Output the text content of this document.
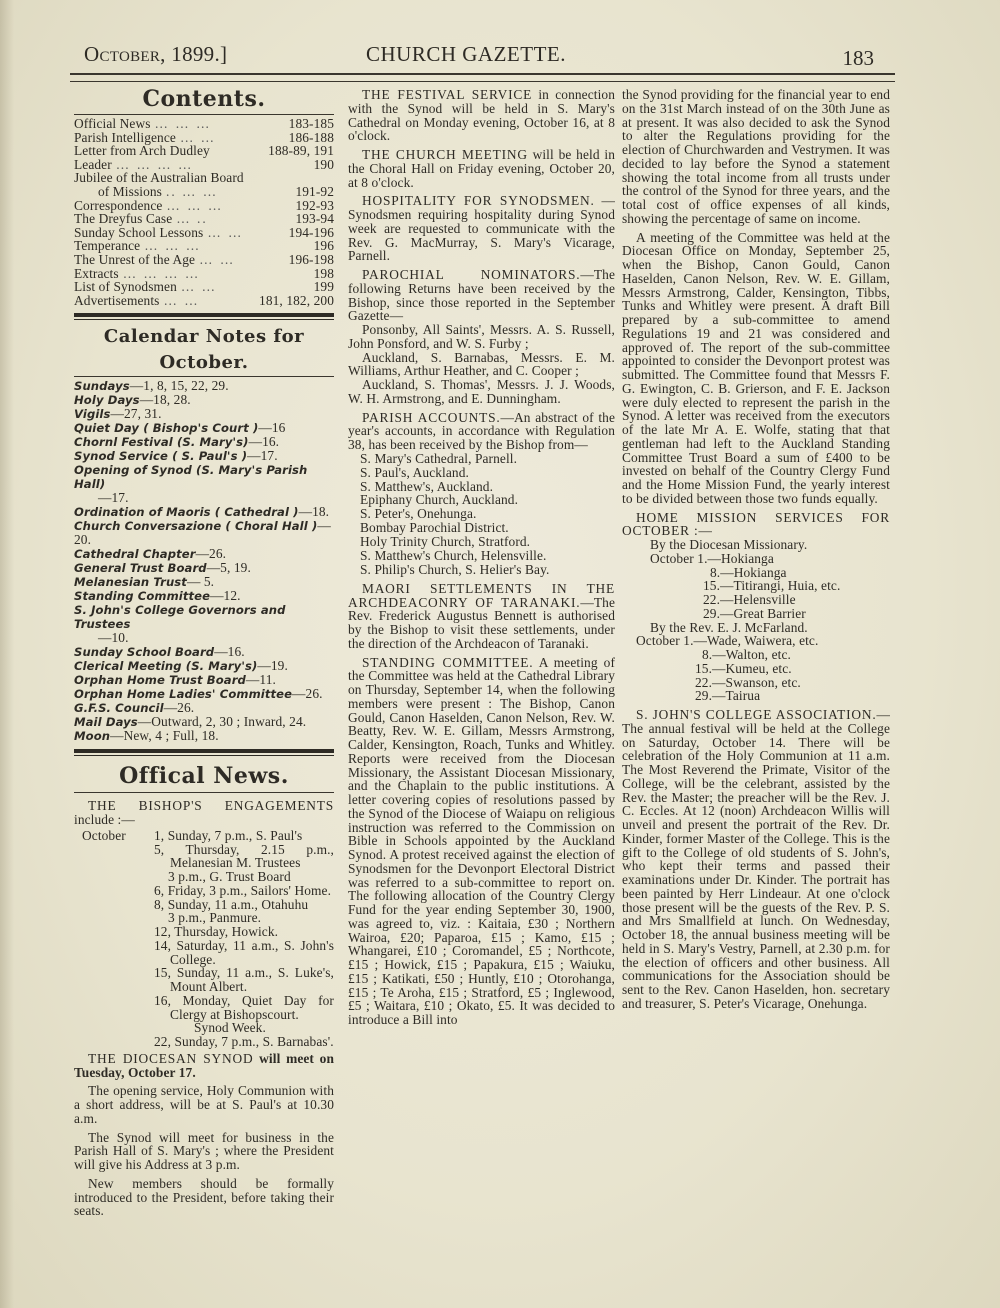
October, 1899.]	CHURCH GAZETTE.	183
Contents.
Official News … … …	183-185
Parish Intelligence … …	186-188
Letter from Arch Dudley	188-89, 191
Leader … … … …	190
Jubilee of the Australian Board
of Missions .. … …	191-92
Correspondence … … …	192-93
The Dreyfus Case … ..	193-94
Sunday School Lessons … …	194-196
Temperance … … …	196
The Unrest of the Age … …	196-198
Extracts … … … …	198
List of Synodsmen … …	199
Advertisements … …	181, 182, 200
Calendar Notes for October.
Sundays—1, 8, 15, 22, 29.
Holy Days—18, 28.
Vigils—27, 31.
Quiet Day ( Bishop's Court )—16
Chornl Festival (S. Mary's)—16.
Synod Service ( S. Paul's )—17.
Opening of Synod (S. Mary's Parish Hall)
—17.
Ordination of Maoris ( Cathedral )—18.
Church Conversazione ( Choral Hall )—20.
Cathedral Chapter—26.
General Trust Board—5, 19.
Melanesian Trust— 5.
Standing Committee—12.
S. John's College Governors and Trustees
—10.
Sunday School Board—16.
Clerical Meeting (S. Mary's)—19.
Orphan Home Trust Board—11.
Orphan Home Ladies' Committee—26.
G.F.S. Council—26.
Mail Days—Outward, 2, 30 ; Inward, 24.
Moon—New, 4 ; Full, 18.
Offical News.

THE BISHOP'S ENGAGEMENTS include :—

October	1, Sunday, 7 p.m., S. Paul's
5, Thursday, 2.15 p.m., Melanesian M. Trustees
3 p.m., G. Trust Board
6, Friday, 3 p.m., Sailors' Home.
8, Sunday, 11 a.m., Otahuhu
3 p.m., Panmure.
12, Thursday, Howick.
14, Saturday, 11 a.m., S. John's College.
15, Sunday, 11 a.m., S. Luke's, Mount Albert.
16, Monday, Quiet Day for Clergy at Bishopscourt.
Synod Week.
22, Sunday, 7 p.m., S. Barnabas'.

THE DIOCESAN SYNOD will meet on Tuesday, October 17.

The opening service, Holy Communion with a short address, will be at S. Paul's at 10.30 a.m.

The Synod will meet for business in the Parish Hall of S. Mary's ; where the President will give his Address at 3 p.m.

New members should be formally introduced to the President, before taking their seats.

THE FESTIVAL SERVICE in connection with the Synod will be held in S. Mary's Cathedral on Monday evening, October 16, at 8 o'clock.

THE CHURCH MEETING will be held in the Choral Hall on Friday evening, October 20, at 8 o'clock.

HOSPITALITY FOR SYNODSMEN. —Synodsmen requiring hospitality during Synod week are requested to communicate with the Rev. G. MacMurray, S. Mary's Vicarage, Parnell.

PAROCHIAL NOMINATORS.—The following Returns have been received by the Bishop, since those reported in the September Gazette—

Ponsonby, All Saints', Messrs. A. S. Russell, John Ponsford, and W. S. Furby ;

Auckland, S. Barnabas, Messrs. E. M. Williams, Arthur Heather, and C. Cooper ;

Auckland, S. Thomas', Messrs. J. J. Woods, W. H. Armstrong, and E. Dunningham.

PARISH ACCOUNTS.—An abstract of the year's accounts, in accordance with Regulation 38, has been received by the Bishop from—

S. Mary's Cathedral, Parnell.
S. Paul's, Auckland.
S. Matthew's, Auckland.
Epiphany Church, Auckland.
S. Peter's, Onehunga.
Bombay Parochial District.
Holy Trinity Church, Stratford.
S. Matthew's Church, Helensville.
S. Philip's Church, S. Helier's Bay.

MAORI SETTLEMENTS IN THE ARCHDEACONRY OF TARANAKI.—The Rev. Frederick Augustus Bennett is authorised by the Bishop to visit these settlements, under the direction of the Archdeacon of Taranaki.

STANDING COMMITTEE. A meeting of the Committee was held at the Cathedral Library on Thursday, September 14, when the following members were present : The Bishop, Canon Gould, Canon Haselden, Canon Nelson, Rev. W. Beatty, Rev. W. E. Gillam, Messrs Armstrong, Calder, Kensington, Roach, Tunks and Whitley. Reports were received from the Diocesan Missionary, the Assistant Diocesan Missionary, and the Chaplain to the public institutions. A letter covering copies of resolutions passed by the Synod of the Diocese of Waiapu on religious instruction was referred to the Commission on Bible in Schools appointed by the Auckland Synod. A protest received against the election of Synodsmen for the Devonport Electoral District was referred to a sub-committee to report on. The following allocation of the Country Clergy Fund for the year ending September 30, 1900, was agreed to, viz. : Kaitaia, £30 ; Northern Wairoa, £20; Paparoa, £15 ; Kamo, £15 ; Whangarei, £10 ; Coromandel, £5 ; Northcote, £15 ; Howick, £15 ; Papakura, £15 ; Waiuku, £15 ; Katikati, £50 ; Huntly, £10 ; Otorohanga, £15 ; Te Aroha, £15 ; Stratford, £5 ; Inglewood, £5 ; Waitara, £10 ; Okato, £5. It was decided to introduce a Bill into

the Synod providing for the financial year to end on the 31st March instead of on the 30th June as at present. It was also decided to ask the Synod to alter the Regulations providing for the election of Churchwarden and Vestrymen. It was decided to lay before the Synod a statement showing the total income from all trusts under the control of the Synod for three years, and the total cost of office expenses of all kinds, showing the percentage of same on income.

A meeting of the Committee was held at the Diocesan Office on Monday, September 25, when the Bishop, Canon Gould, Canon Haselden, Canon Nelson, Rev. W. E. Gillam, Messrs Armstrong, Calder, Kensington, Tibbs, Tunks and Whitley were present. A draft Bill prepared by a sub-committee to amend Regulations 19 and 21 was considered and approved of. The report of the sub-committee appointed to consider the Devonport protest was submitted. The Committee found that Messrs F. G. Ewington, C. B. Grierson, and F. E. Jackson were duly elected to represent the parish in the Synod. A letter was received from the executors of the late Mr A. E. Wolfe, stating that that gentleman had left to the Auckland Standing Committee Trust Board a sum of £400 to be invested on behalf of the Country Clergy Fund and the Home Mission Fund, the yearly interest to be divided between those two funds equally.

HOME MISSION SERVICES FOR OCTOBER :—

By the Diocesan Missionary.
October 1.—Hokianga
8.—Hokianga
15.—Titirangi, Huia, etc.
22.—Helensville
29.—Great Barrier
By the Rev. E. J. McFarland.
October 1.—Wade, Waiwera, etc.
8.—Walton, etc.
15.—Kumeu, etc.
22.—Swanson, etc.
29.—Tairua

S. JOHN'S COLLEGE ASSOCIATION.—The annual festival will be held at the College on Saturday, October 14. There will be celebration of the Holy Communion at 11 a.m. The Most Reverend the Primate, Visitor of the College, will be the celebrant, assisted by the Rev. the Master; the preacher will be the Rev. J. C. Eccles. At 12 (noon) Archdeacon Willis will unveil and present the portrait of the Rev. Dr. Kinder, former Master of the College. This is the gift to the College of old students of S. John's, who kept their terms and passed their examinations under Dr. Kinder. The portrait has been painted by Herr Lindeaur. At one o'clock those present will be the guests of the Rev. P. S. and Mrs Smallfield at lunch. On Wednesday, October 18, the annual business meeting will be held in S. Mary's Vestry, Parnell, at 2.30 p.m. for the election of officers and other business. All communications for the Association should be sent to the Rev. Canon Haselden, hon. secretary and treasurer, S. Peter's Vicarage, Onehunga.
